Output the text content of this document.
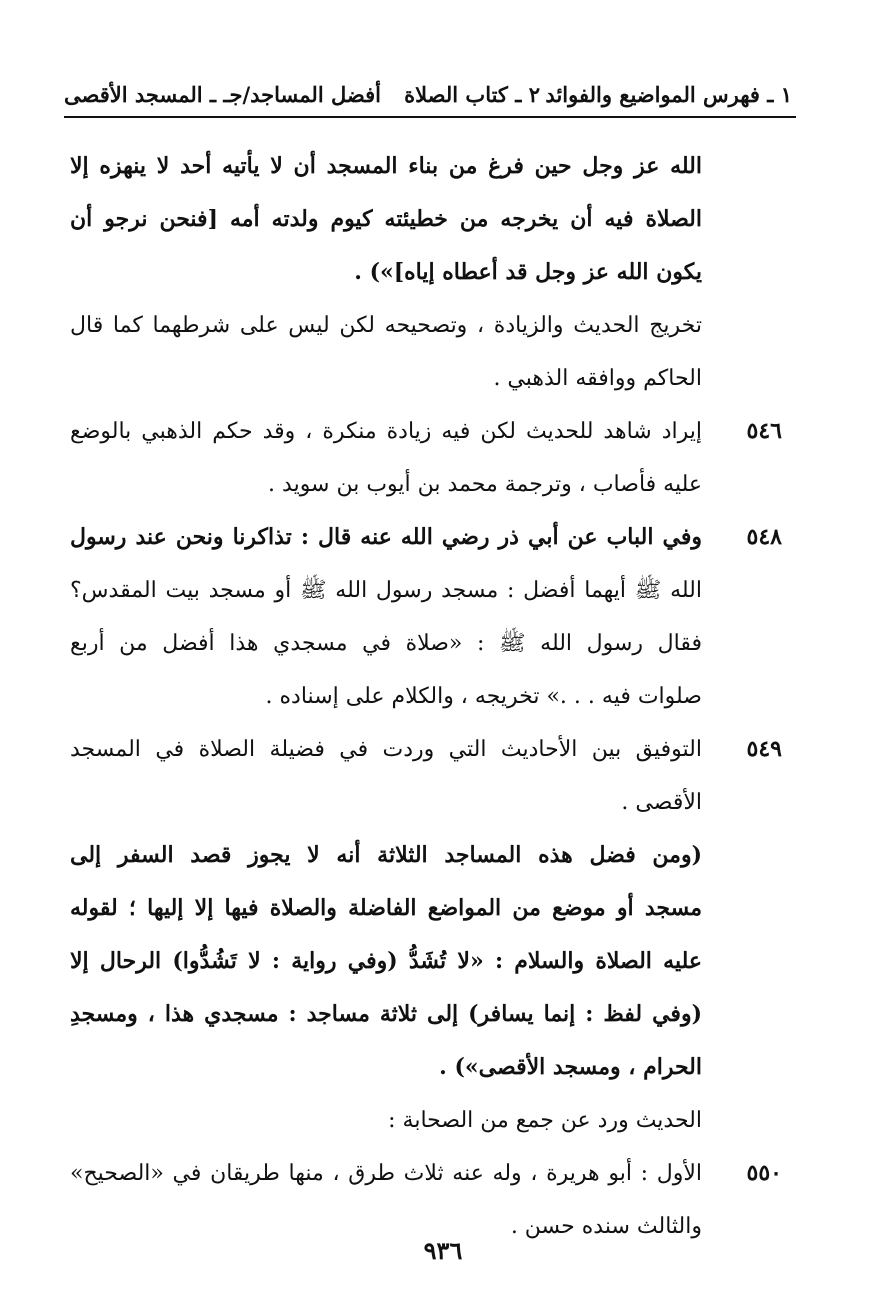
١ ـ فهرس المواضيع والفوائد
٢ ـ كتاب الصلاة
أفضل المساجد/جـ ـ المسجد الأقصى
الله عز وجل حين فرغ من بناء المسجد أن لا يأتيه أحد لا ينهزه إلا
الصلاة فيه أن يخرجه من خطيئته كيوم ولدته أمه [فنحن نرجو أن
يكون الله عز وجل قد أعطاه إياه]») .
تخريج الحديث والزيادة ، وتصحيحه لكن ليس على شرطهما كما قال
الحاكم ووافقه الذهبي .
٥٤٦
إيراد شاهد للحديث لكن فيه زيادة منكرة ، وقد حكم الذهبي بالوضع
عليه فأصاب ، وترجمة محمد بن أيوب بن سويد .
٥٤٨
وفي الباب عن أبي ذر رضي الله عنه قال : تذاكرنا ونحن عند رسول
الله ﷺ أيهما أفضل : مسجد رسول الله ﷺ أو مسجد بيت المقدس؟
فقال رسول الله ﷺ : «صلاة في مسجدي هذا أفضل من أربع
صلوات فيه . . .» تخريجه ، والكلام على إسناده .
٥٤٩
التوفيق بين الأحاديث التي وردت في فضيلة الصلاة في المسجد
الأقصى .
(ومن فضل هذه المساجد الثلاثة أنه لا يجوز قصد السفر إلى
مسجد أو موضع من المواضع الفاضلة والصلاة فيها إلا إليها ؛ لقوله
عليه الصلاة والسلام : «لا تُشَدُّ (وفي رواية : لا تَشُدُّوا) الرحال إلا
(وفي لفظ : إنما يسافر) إلى ثلاثة مساجد : مسجدي هذا ، ومسجدِ
الحرام ، ومسجد الأقصى») .
الحديث ورد عن جمع من الصحابة :
٥٥٠
الأول : أبو هريرة ، وله عنه ثلاث طرق ، منها طريقان في «الصحيح»
والثالث سنده حسن .
٩٣٦
